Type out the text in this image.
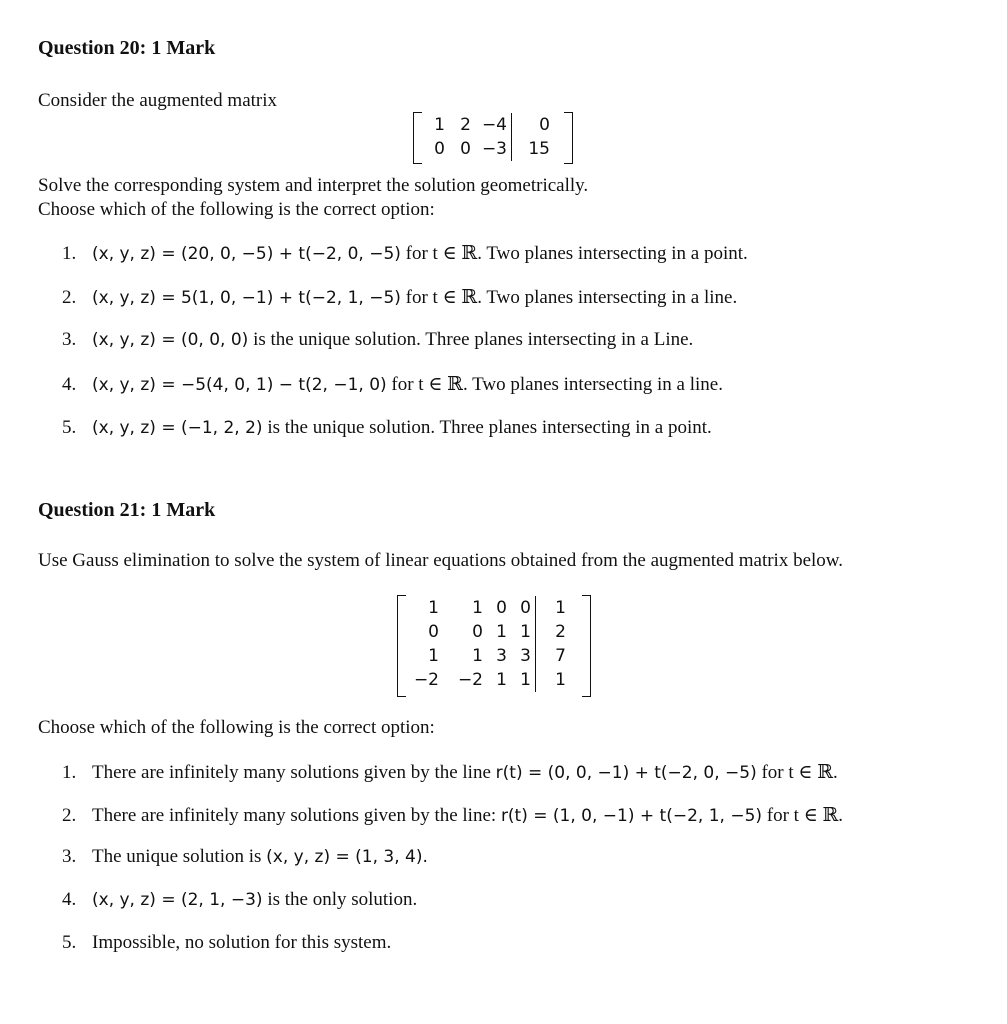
Question 20: 1 Mark
Consider the augmented matrix
1 2 −4	0
0 0 −3	15
Solve the corresponding system and interpret the solution geometrically.
Choose which of the following is the correct option:
1. (x, y, z) = (20, 0, −5) + t(−2, 0, −5) for t ∈ ℝ. Two planes intersecting in a point.
2. (x, y, z) = 5(1, 0, −1) + t(−2, 1, −5) for t ∈ ℝ. Two planes intersecting in a line.
3. (x, y, z) = (0, 0, 0) is the unique solution. Three planes intersecting in a Line.
4. (x, y, z) = −5(4, 0, 1) − t(2, −1, 0) for t ∈ ℝ. Two planes intersecting in a line.
5. (x, y, z) = (−1, 2, 2) is the unique solution. Three planes intersecting in a point.
Question 21: 1 Mark
Use Gauss elimination to solve the system of linear equations obtained from the augmented matrix below.
1	1 0 0	1
0	0 1 1	2
1	1 3 3	7
−2	−2 1 1	1
Choose which of the following is the correct option:
1. There are infinitely many solutions given by the line r(t) = (0, 0, −1) + t(−2, 0, −5) for t ∈ ℝ.
2. There are infinitely many solutions given by the line: r(t) = (1, 0, −1) + t(−2, 1, −5) for t ∈ ℝ.
3. The unique solution is (x, y, z) = (1, 3, 4).
4. (x, y, z) = (2, 1, −3) is the only solution.
5. Impossible, no solution for this system.
